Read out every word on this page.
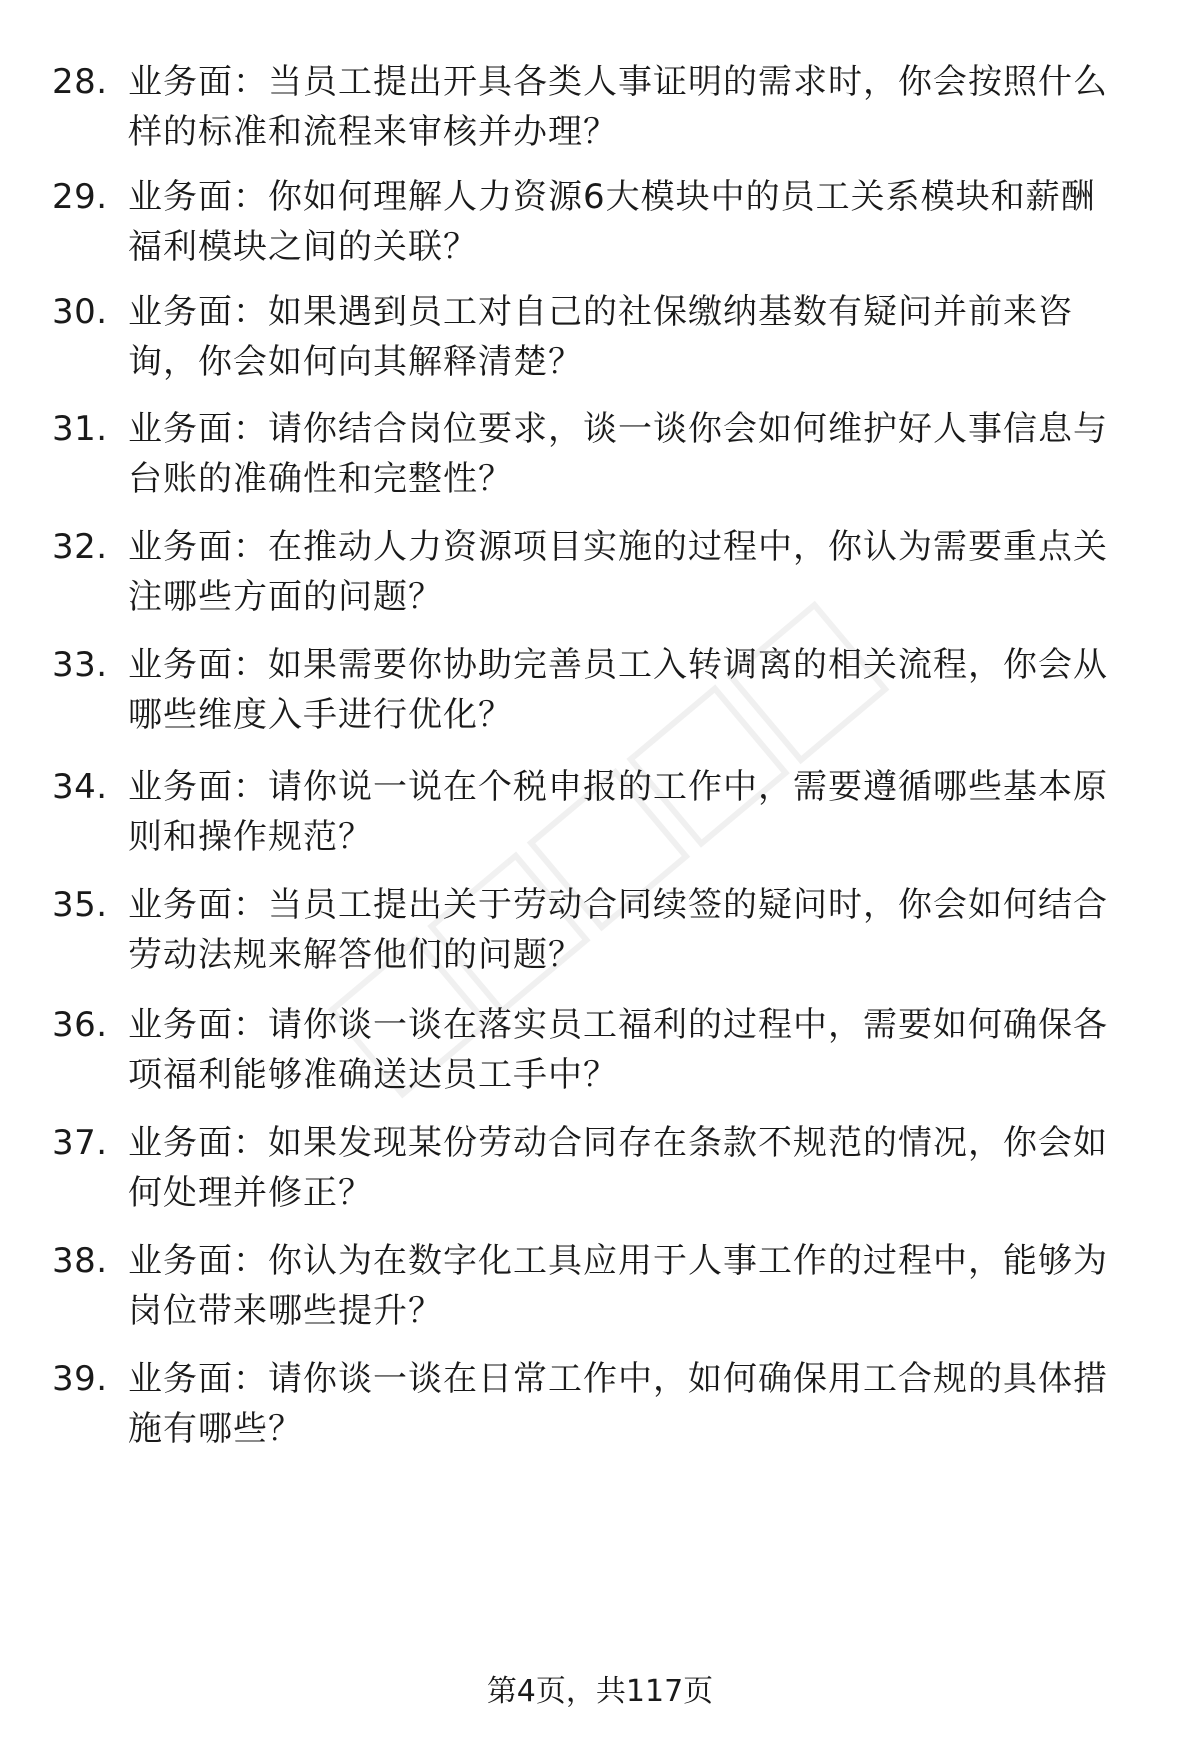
28. 业务面：当员工提出开具各类人事证明的需求时，你会按照什么样的标准和流程来审核并办理？
29. 业务面：你如何理解人力资源6大模块中的员工关系模块和薪酬福利模块之间的关联？
30. 业务面：如果遇到员工对自己的社保缴纳基数有疑问并前来咨询，你会如何向其解释清楚？
31. 业务面：请你结合岗位要求，谈一谈你会如何维护好人事信息与台账的准确性和完整性？
32. 业务面：在推动人力资源项目实施的过程中，你认为需要重点关注哪些方面的问题？
33. 业务面：如果需要你协助完善员工入转调离的相关流程，你会从哪些维度入手进行优化？
34. 业务面：请你说一说在个税申报的工作中，需要遵循哪些基本原则和操作规范？
35. 业务面：当员工提出关于劳动合同续签的疑问时，你会如何结合劳动法规来解答他们的问题？
36. 业务面：请你谈一谈在落实员工福利的过程中，需要如何确保各项福利能够准确送达员工手中？
37. 业务面：如果发现某份劳动合同存在条款不规范的情况，你会如何处理并修正？
38. 业务面：你认为在数字化工具应用于人事工作的过程中，能够为岗位带来哪些提升？
39. 业务面：请你谈一谈在日常工作中，如何确保用工合规的具体措施有哪些？
第4页，共117页
